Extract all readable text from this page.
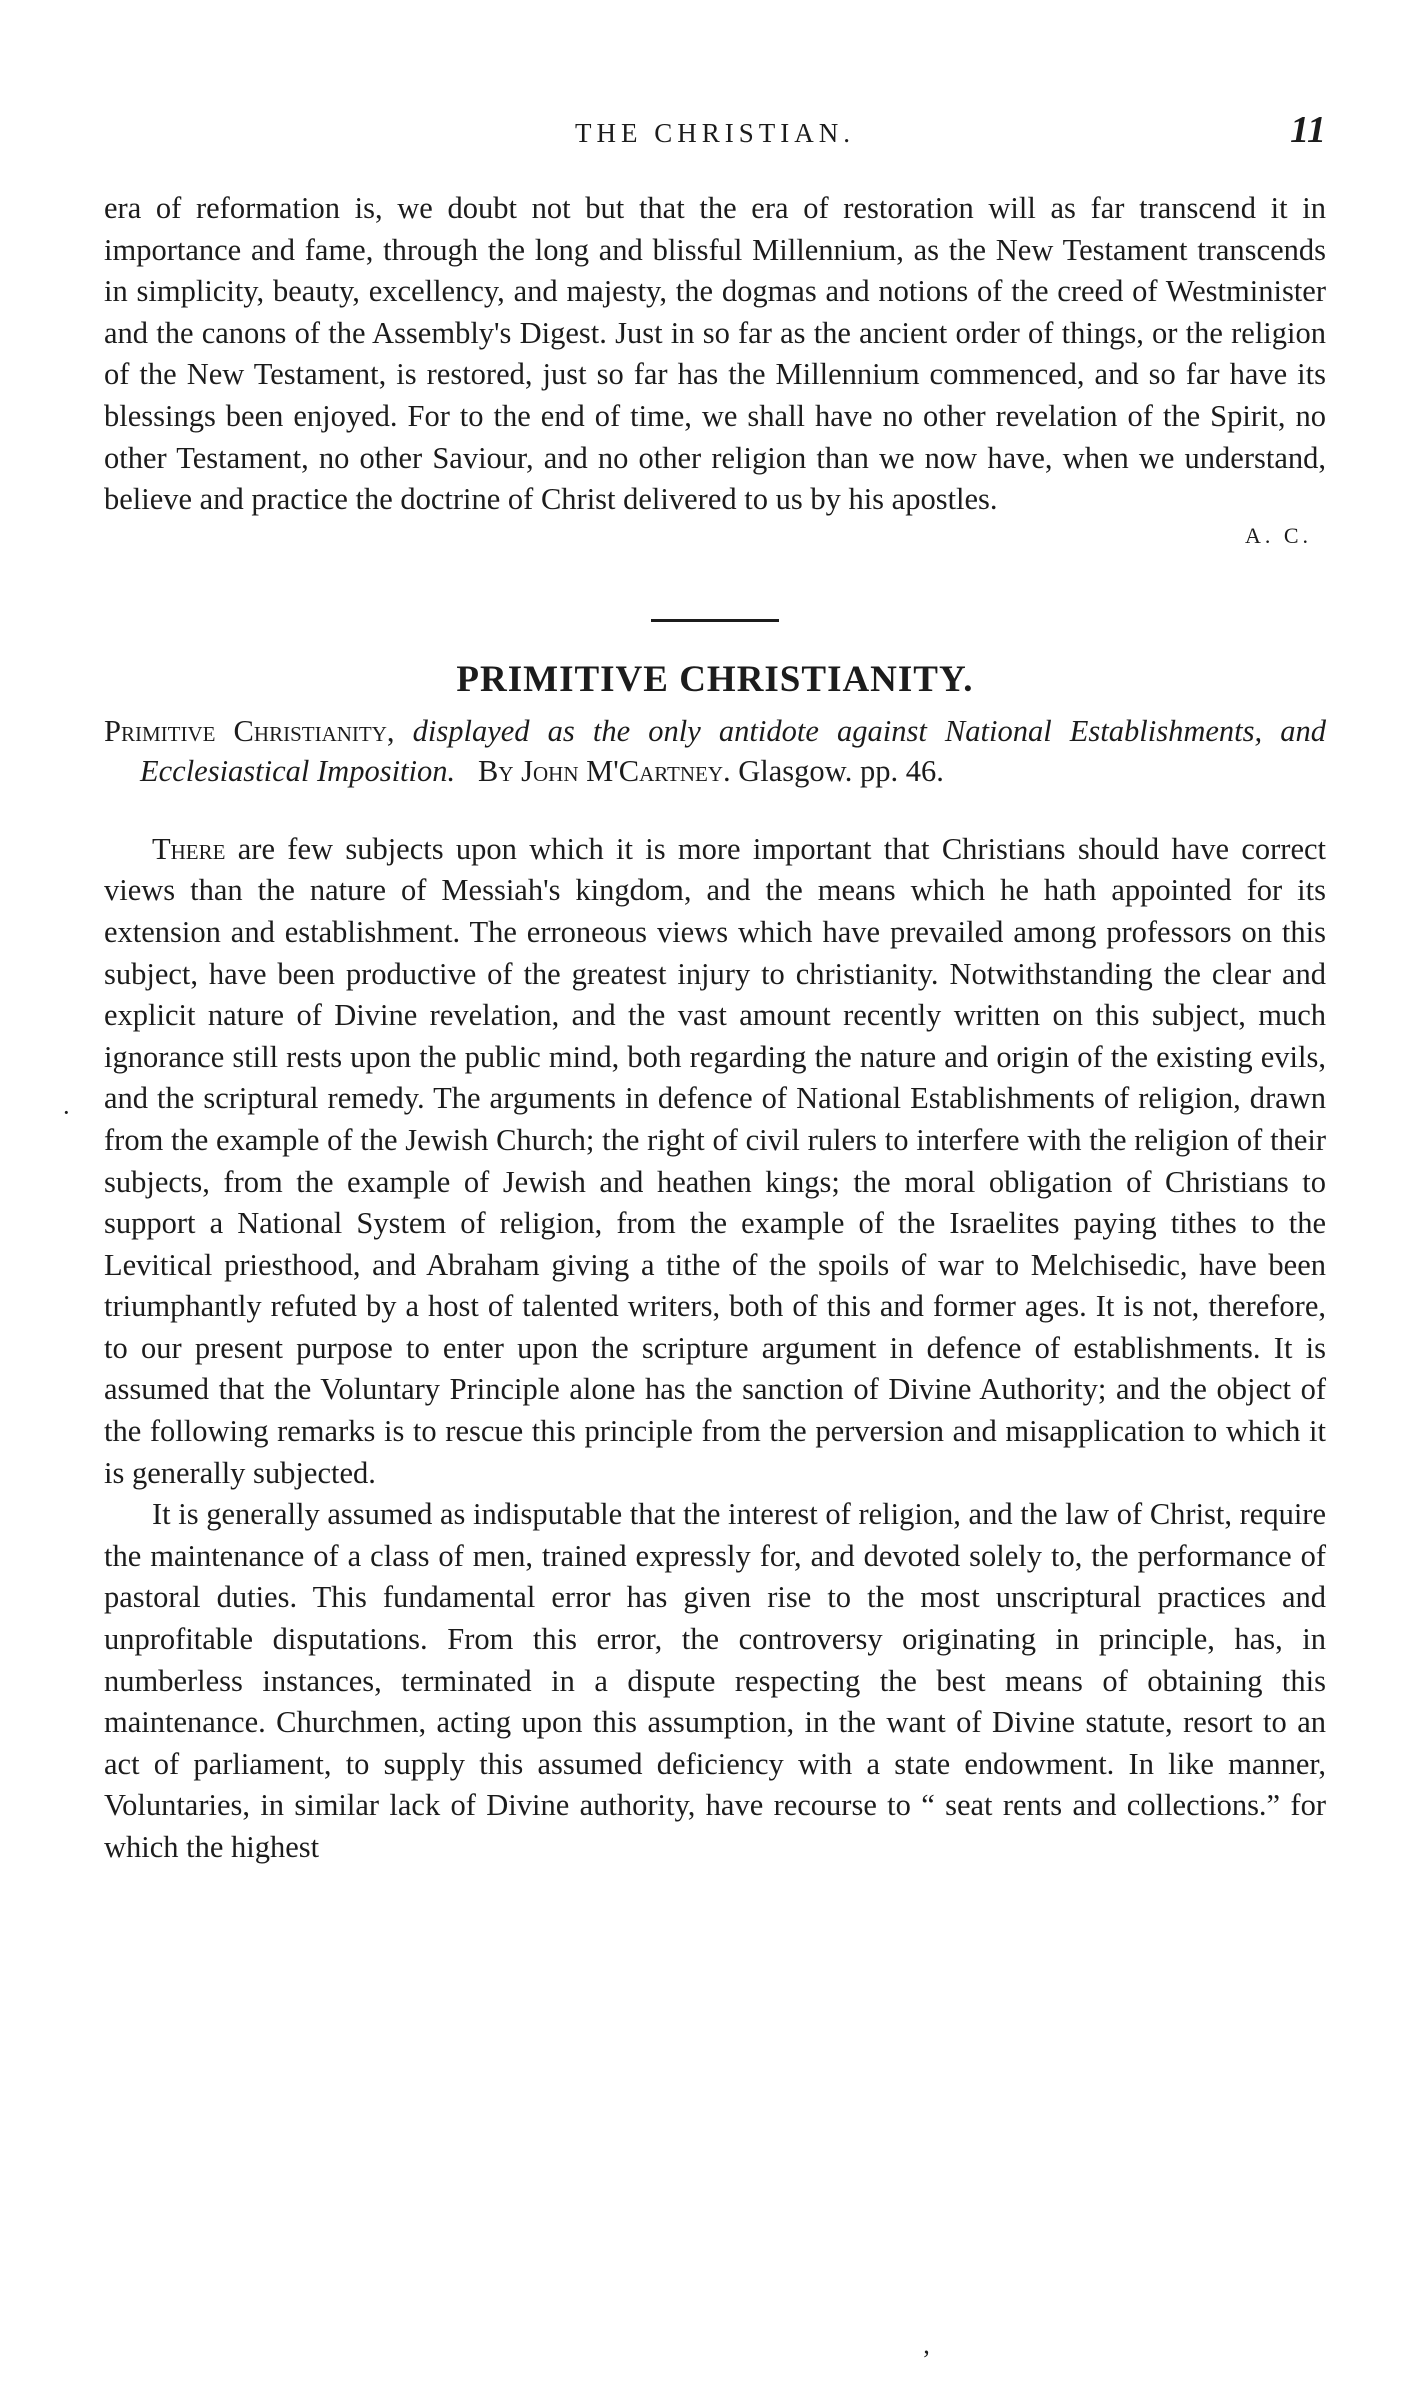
THE CHRISTIAN.	11

era of reformation is, we doubt not but that the era of restoration will as far transcend it in importance and fame, through the long and blissful Millennium, as the New Testament transcends in simplicity, beauty, excellency, and majesty, the dogmas and notions of the creed of Westminister and the canons of the Assembly's Digest. Just in so far as the ancient order of things, or the religion of the New Testament, is restored, just so far has the Millennium commenced, and so far have its blessings been enjoyed. For to the end of time, we shall have no other revelation of the Spirit, no other Testament, no other Saviour, and no other religion than we now have, when we understand, believe and practice the doctrine of Christ delivered to us by his apostles.

A. C.
PRIMITIVE CHRISTIANITY.
Primitive Christianity, displayed as the only antidote against National Establishments, and Ecclesiastical Imposition. By John M'Cartney. Glasgow. pp. 46.

There are few subjects upon which it is more important that Christians should have correct views than the nature of Messiah's kingdom, and the means which he hath appointed for its extension and establishment. The erroneous views which have prevailed among professors on this subject, have been productive of the greatest injury to christianity. Notwithstanding the clear and explicit nature of Divine revelation, and the vast amount recently written on this subject, much ignorance still rests upon the public mind, both regarding the nature and origin of the existing evils, and the scriptural remedy. The arguments in defence of National Establishments of religion, drawn from the example of the Jewish Church; the right of civil rulers to interfere with the religion of their subjects, from the example of Jewish and heathen kings; the moral obligation of Christians to support a National System of religion, from the example of the Israelites paying tithes to the Levitical priesthood, and Abraham giving a tithe of the spoils of war to Melchisedic, have been triumphantly refuted by a host of talented writers, both of this and former ages. It is not, therefore, to our present purpose to enter upon the scripture argument in defence of establishments. It is assumed that the Voluntary Principle alone has the sanction of Divine Authority; and the object of the following remarks is to rescue this principle from the perversion and misapplication to which it is generally subjected.

It is generally assumed as indisputable that the interest of religion, and the law of Christ, require the maintenance of a class of men, trained expressly for, and devoted solely to, the performance of pastoral duties. This fundamental error has given rise to the most unscriptural practices and unprofitable disputations. From this error, the controversy originating in principle, has, in numberless instances, terminated in a dispute respecting the best means of obtaining this maintenance. Churchmen, acting upon this assumption, in the want of Divine statute, resort to an act of parliament, to supply this assumed deficiency with a state endowment. In like manner, Voluntaries, in similar lack of Divine authority, have recourse to “ seat rents and collections.” for which the highest

·
’
